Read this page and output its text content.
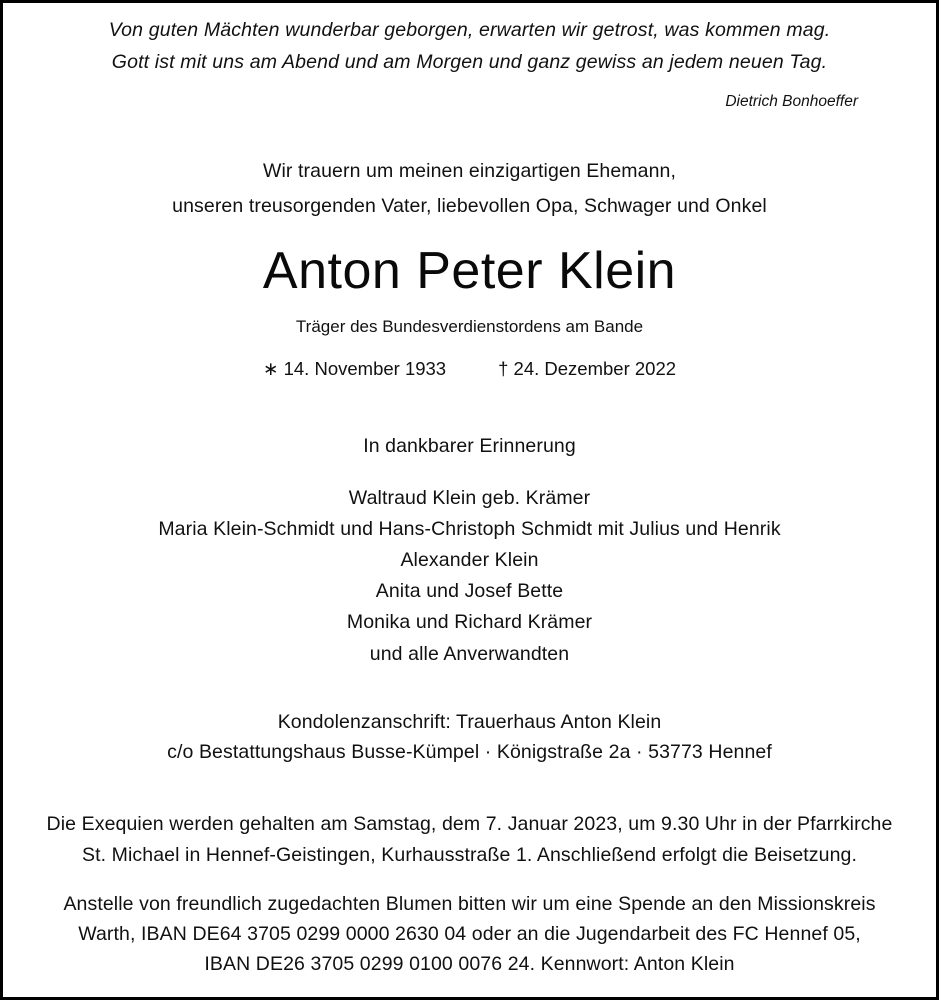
Von guten Mächten wunderbar geborgen, erwarten wir getrost, was kommen mag.
Gott ist mit uns am Abend und am Morgen und ganz gewiss an jedem neuen Tag.
Dietrich Bonhoeffer
Wir trauern um meinen einzigartigen Ehemann,
unseren treusorgenden Vater, liebevollen Opa, Schwager und Onkel
Anton Peter Klein
Träger des Bundesverdienstordens am Bande
∗ 14. November 1933	† 24. Dezember 2022
In dankbarer Erinnerung
Waltraud Klein geb. Krämer
Maria Klein-Schmidt und Hans-Christoph Schmidt mit Julius und Henrik
Alexander Klein
Anita und Josef Bette
Monika und Richard Krämer
und alle Anverwandten
Kondolenzanschrift: Trauerhaus Anton Klein
c/o Bestattungshaus Busse-Kümpel · Königstraße 2a · 53773 Hennef
Die Exequien werden gehalten am Samstag, dem 7. Januar 2023, um 9.30 Uhr in der Pfarrkirche
St. Michael in Hennef-Geistingen, Kurhausstraße 1. Anschließend erfolgt die Beisetzung.
Anstelle von freundlich zugedachten Blumen bitten wir um eine Spende an den Missionskreis
Warth, IBAN DE64 3705 0299 0000 2630 04 oder an die Jugendarbeit des FC Hennef 05,
IBAN DE26 3705 0299 0100 0076 24. Kennwort: Anton Klein
